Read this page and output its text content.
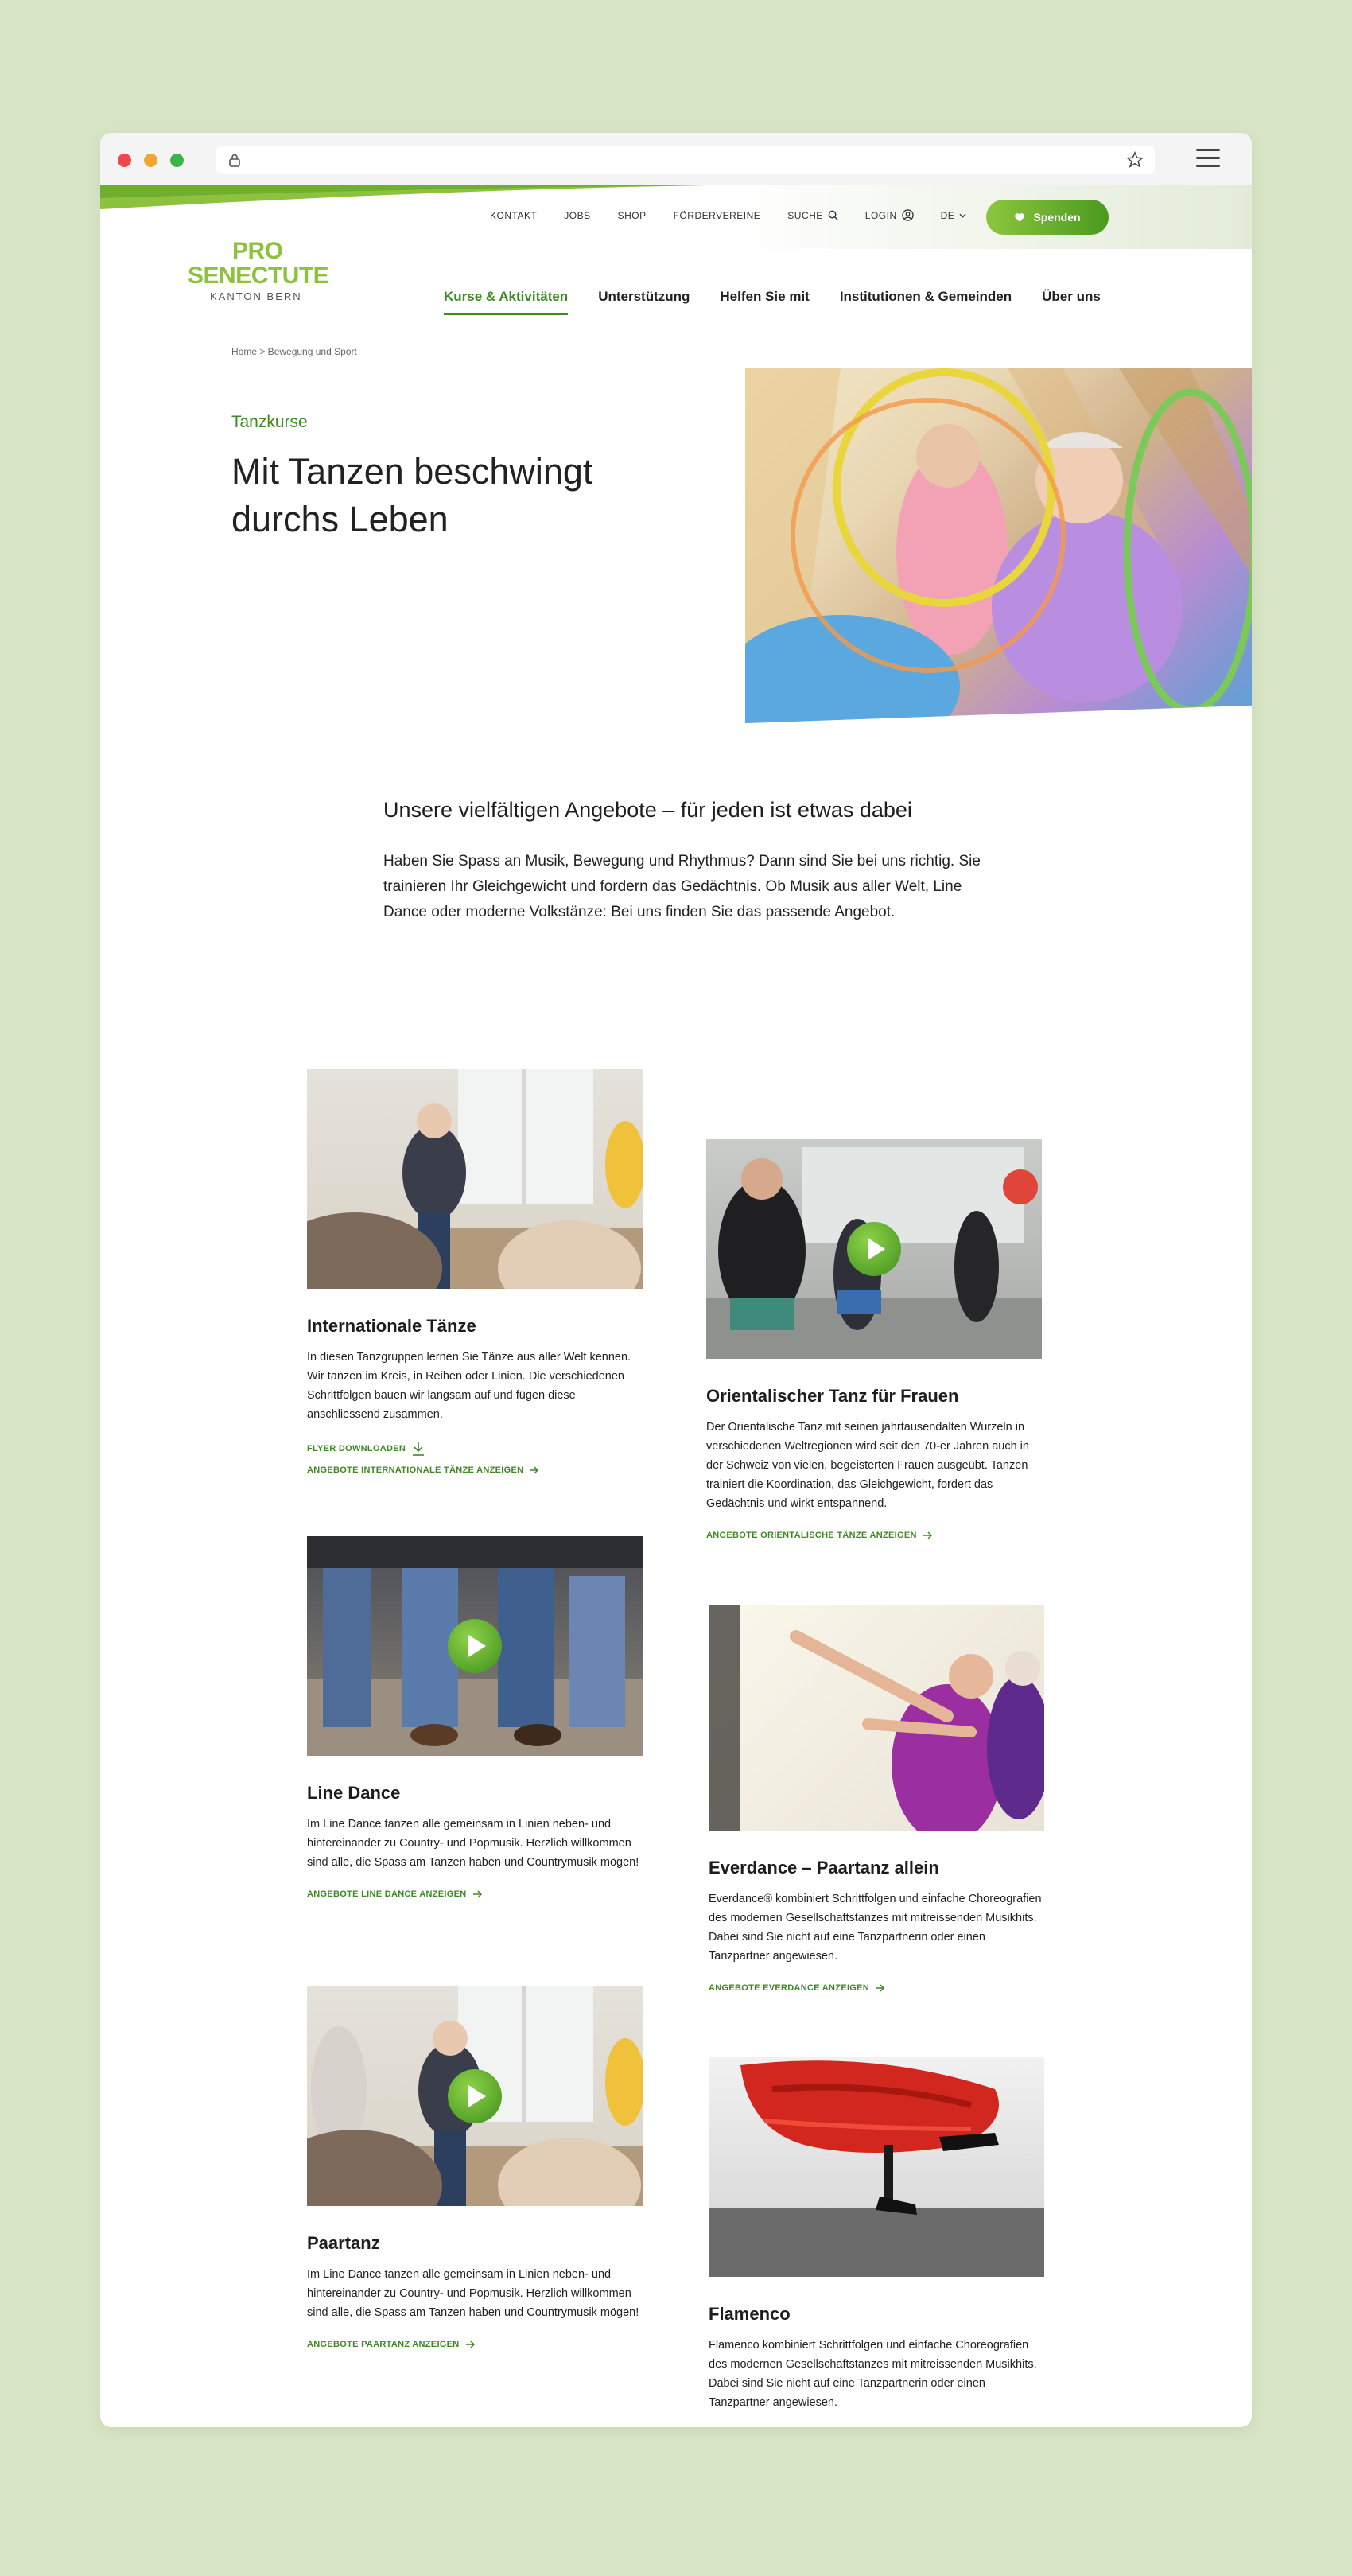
KONTAKT	JOBS	SHOP	FÖRDERVEREINE	SUCHE	LOGIN	DE	Spenden
PRO
SENECTUTE
KANTON BERN	Kurse & Aktivitäten Unterstützung Helfen Sie mit Institutionen & Gemeinden Über uns
Home > Bewegung und Sport
Tanzkurse
Mit Tanzen beschwingt durchs Leben
Unsere vielfältigen Angebote – für jeden ist etwas dabei

Haben Sie Spass an Musik, Bewegung und Rhythmus? Dann sind Sie bei uns richtig. Sie trainieren Ihr Gleichgewicht und fordern das Gedächtnis. Ob Musik aus aller Welt, Line Dance oder moderne Volkstänze: Bei uns finden Sie das passende Angebot.

Internationale Tänze

In diesen Tanzgruppen lernen Sie Tänze aus aller Welt kennen. Wir tanzen im Kreis, in Reihen oder Linien. Die verschiedenen Schrittfolgen bauen wir langsam auf und fügen diese anschliessend zusammen.

FLYER DOWNLOADEN
ANGEBOTE INTERNATIONALE TÄNZE ANZEIGEN
Orientalischer Tanz für Frauen

Der Orientalische Tanz mit seinen jahrtausendalten Wurzeln in verschiedenen Weltregionen wird seit den 70-er Jahren auch in der Schweiz von vielen, begeisterten Frauen ausgeübt. Tanzen trainiert die Koordination, das Gleichgewicht, fordert das Gedächtnis und wirkt entspannend.

ANGEBOTE ORIENTALISCHE TÄNZE ANZEIGEN
Line Dance

Im Line Dance tanzen alle gemeinsam in Linien neben- und hintereinander zu Country- und Popmusik. Herzlich willkommen sind alle, die Spass am Tanzen haben und Countrymusik mögen!

ANGEBOTE LINE DANCE ANZEIGEN
Everdance – Paartanz allein

Everdance® kombiniert Schrittfolgen und einfache Choreografien des modernen Gesellschaftstanzes mit mitreissenden Musikhits. Dabei sind Sie nicht auf eine Tanzpartnerin oder einen Tanzpartner angewiesen.

ANGEBOTE EVERDANCE ANZEIGEN
Paartanz

Im Line Dance tanzen alle gemeinsam in Linien neben- und hintereinander zu Country- und Popmusik. Herzlich willkommen sind alle, die Spass am Tanzen haben und Countrymusik mögen!

ANGEBOTE PAARTANZ ANZEIGEN
Flamenco

Flamenco kombiniert Schrittfolgen und einfache Choreografien des modernen Gesellschaftstanzes mit mitreissenden Musikhits. Dabei sind Sie nicht auf eine Tanzpartnerin oder einen Tanzpartner angewiesen.
